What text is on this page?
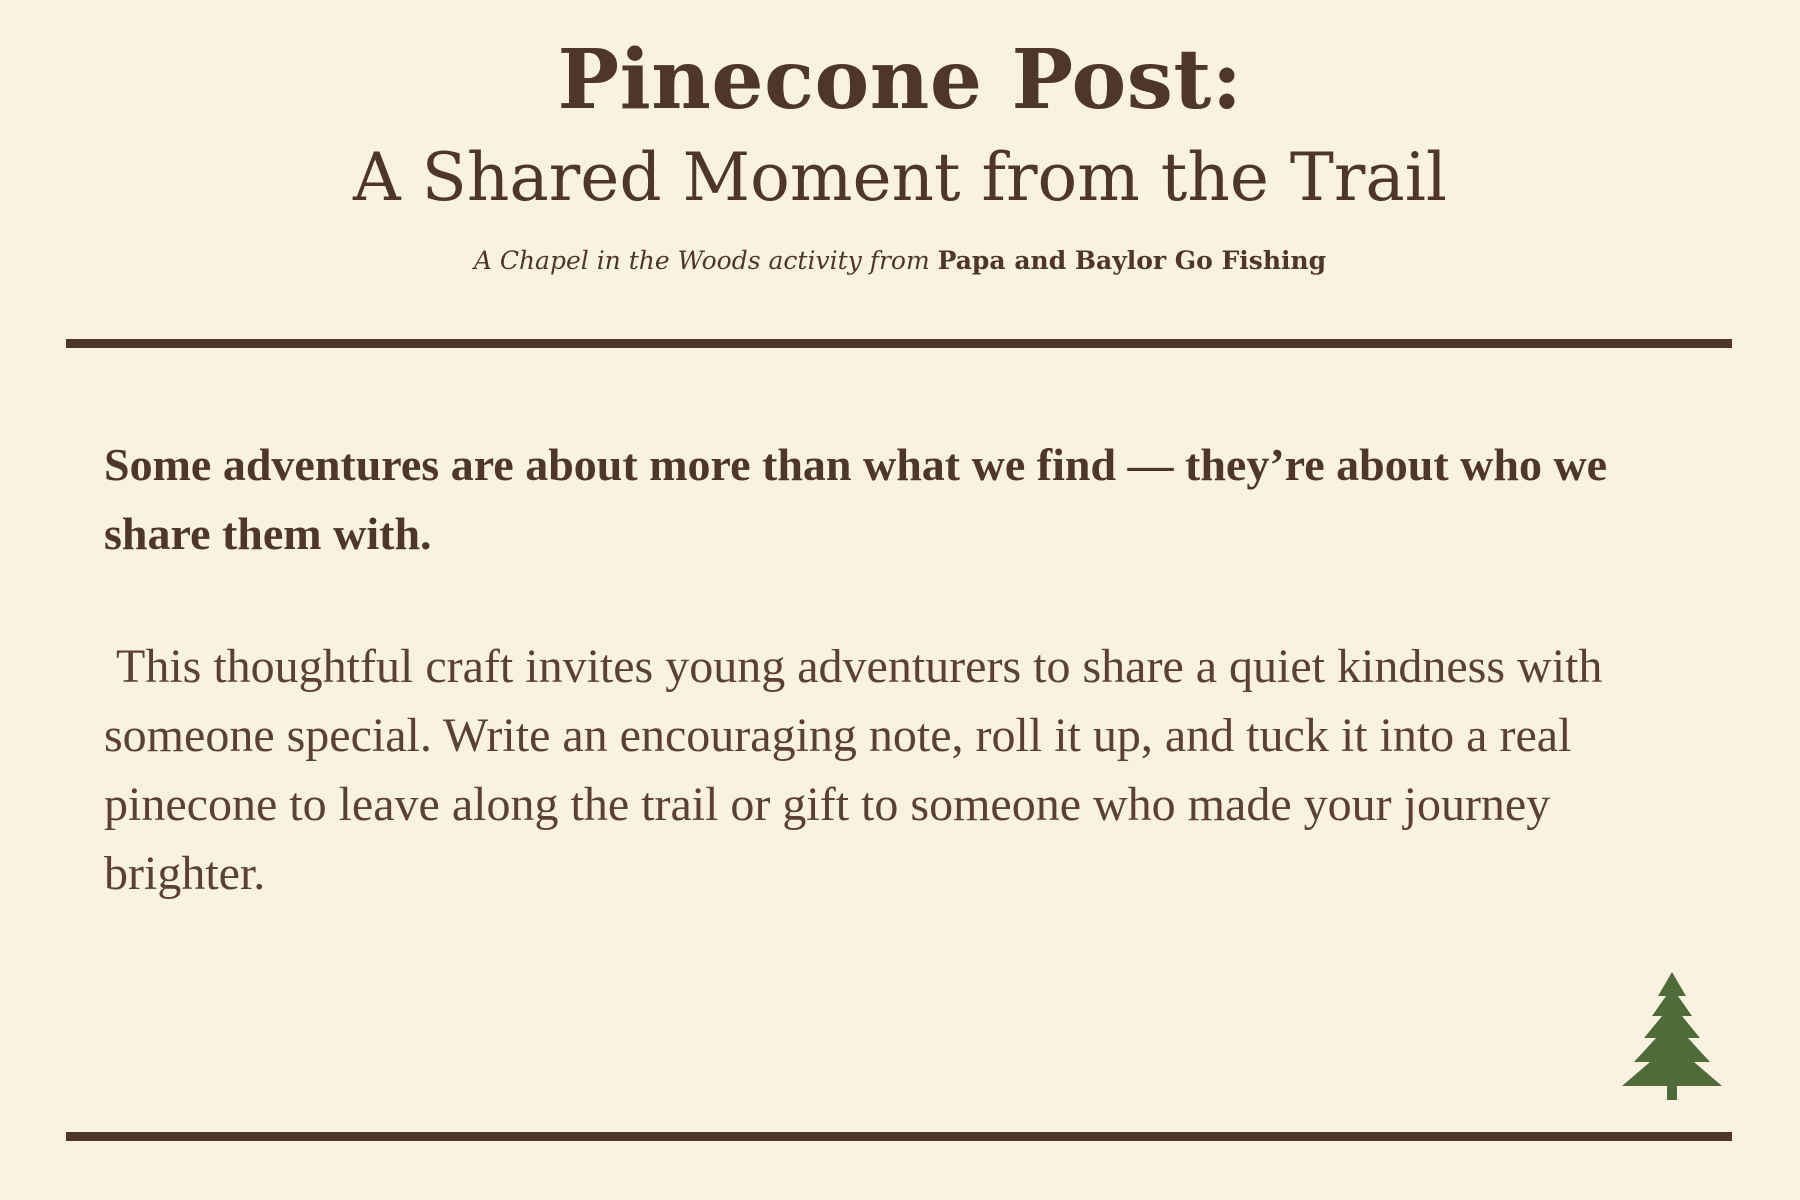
Pinecone Post:
A Shared Moment from the Trail
A Chapel in the Woods activity from Papa and Baylor Go Fishing
Some adventures are about more than what we find — they’re about who we share them with.
This thoughtful craft invites young adventurers to share a quiet kindness with someone special. Write an encouraging note, roll it up, and tuck it into a real pinecone to leave along the trail or gift to someone who made your journey brighter.
